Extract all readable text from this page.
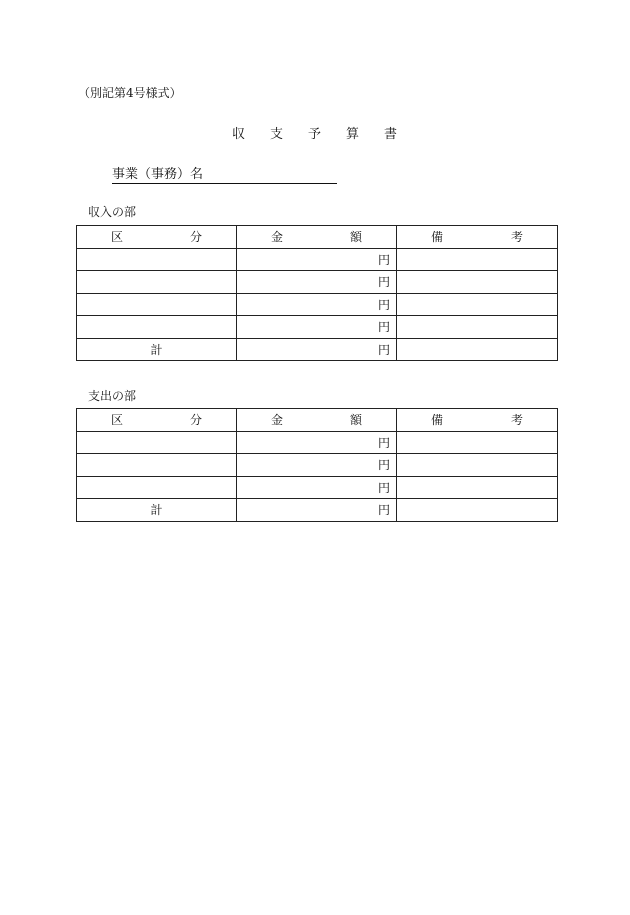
（別記第4号様式）
収 支 予 算 書
事業（事務）名
収入の部
区 分	金 額	備 考

	円	
	円	
	円	
	円	
計	円	
支出の部
区 分	金 額	備 考

	円	
	円	
	円	
計	円	
